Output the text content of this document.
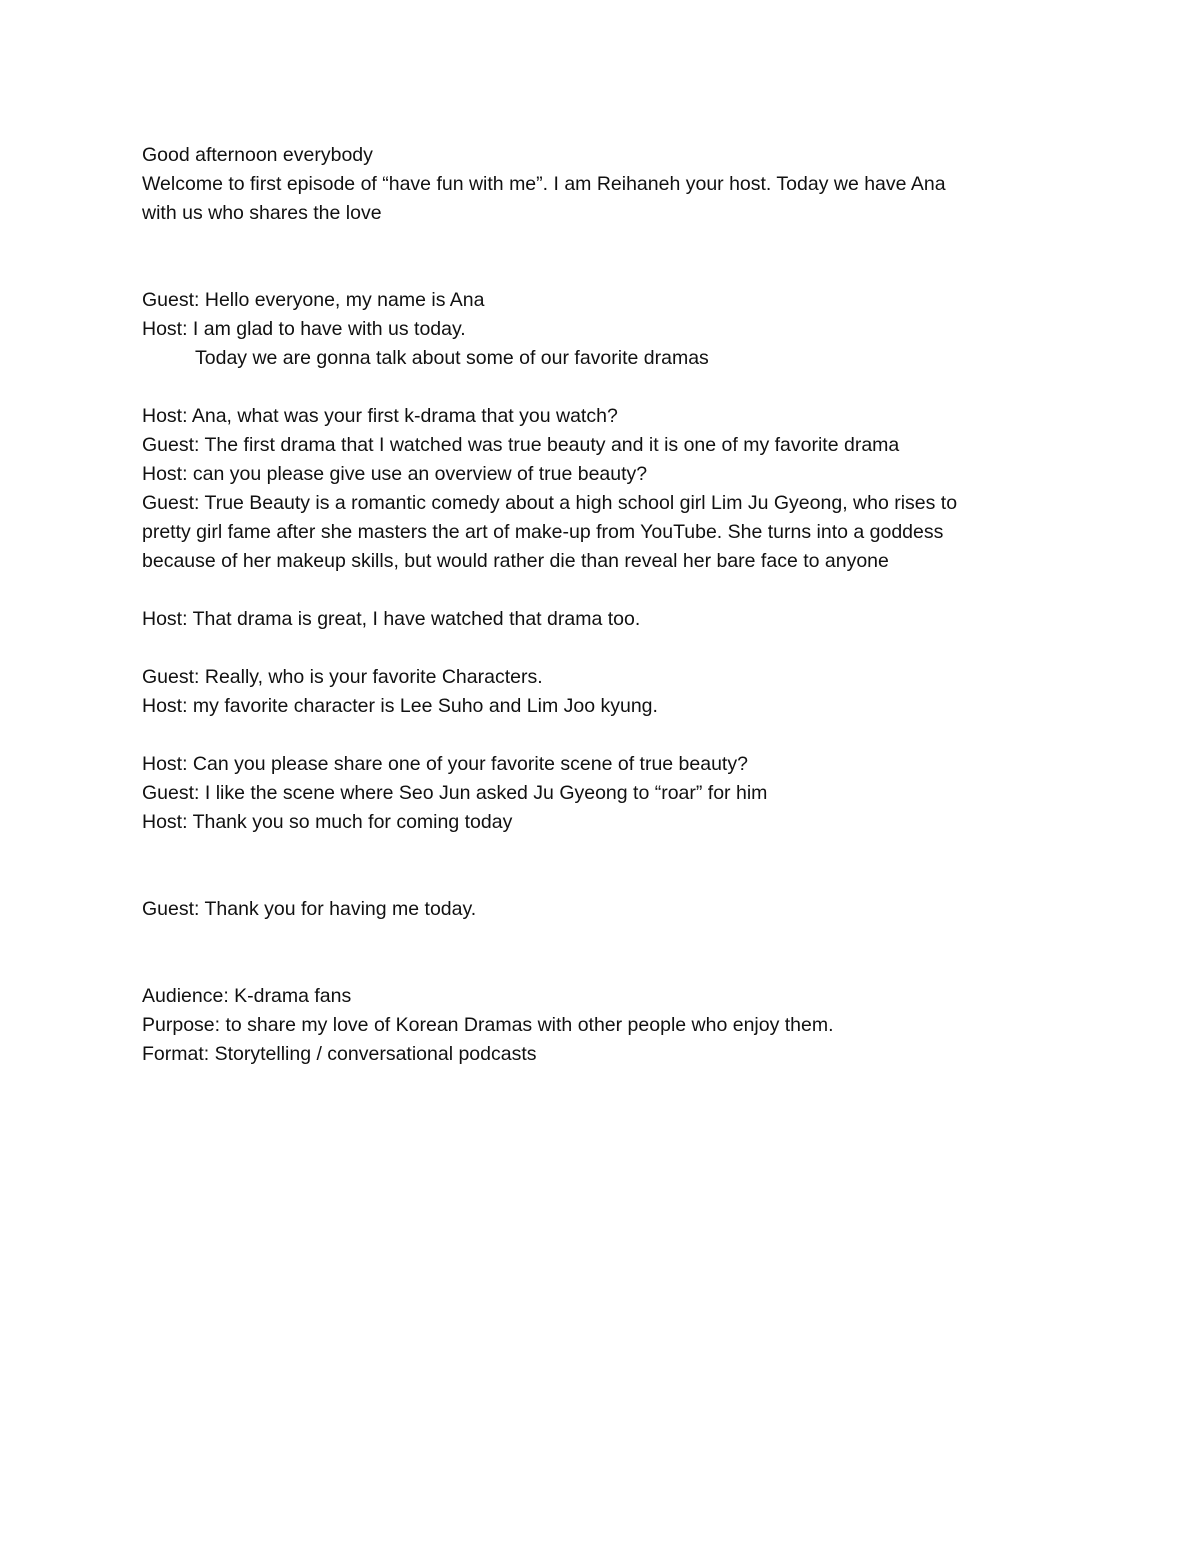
Good afternoon everybody
Welcome to first episode of “have fun with me”. I am Reihaneh your host. Today we have Ana
with us who shares the love
Guest: Hello everyone, my name is Ana
Host: I am glad to have with us today.
Today we are gonna talk about some of our favorite dramas
Host: Ana, what was your first k-drama that you watch?
Guest: The first drama that I watched was true beauty and it is one of my favorite drama
Host: can you please give use an overview of true beauty?
Guest: True Beauty is a romantic comedy about a high school girl Lim Ju Gyeong, who rises to
pretty girl fame after she masters the art of make-up from YouTube. She turns into a goddess
because of her makeup skills, but would rather die than reveal her bare face to anyone
Host: That drama is great, I have watched that drama too.
Guest: Really, who is your favorite Characters.
Host: my favorite character is Lee Suho and Lim Joo kyung.
Host: Can you please share one of your favorite scene of true beauty?
Guest: I like the scene where Seo Jun asked Ju Gyeong to “roar” for him
Host: Thank you so much for coming today
Guest: Thank you for having me today.
Audience: K-drama fans
Purpose: to share my love of Korean Dramas with other people who enjoy them.
Format: Storytelling / conversational podcasts
